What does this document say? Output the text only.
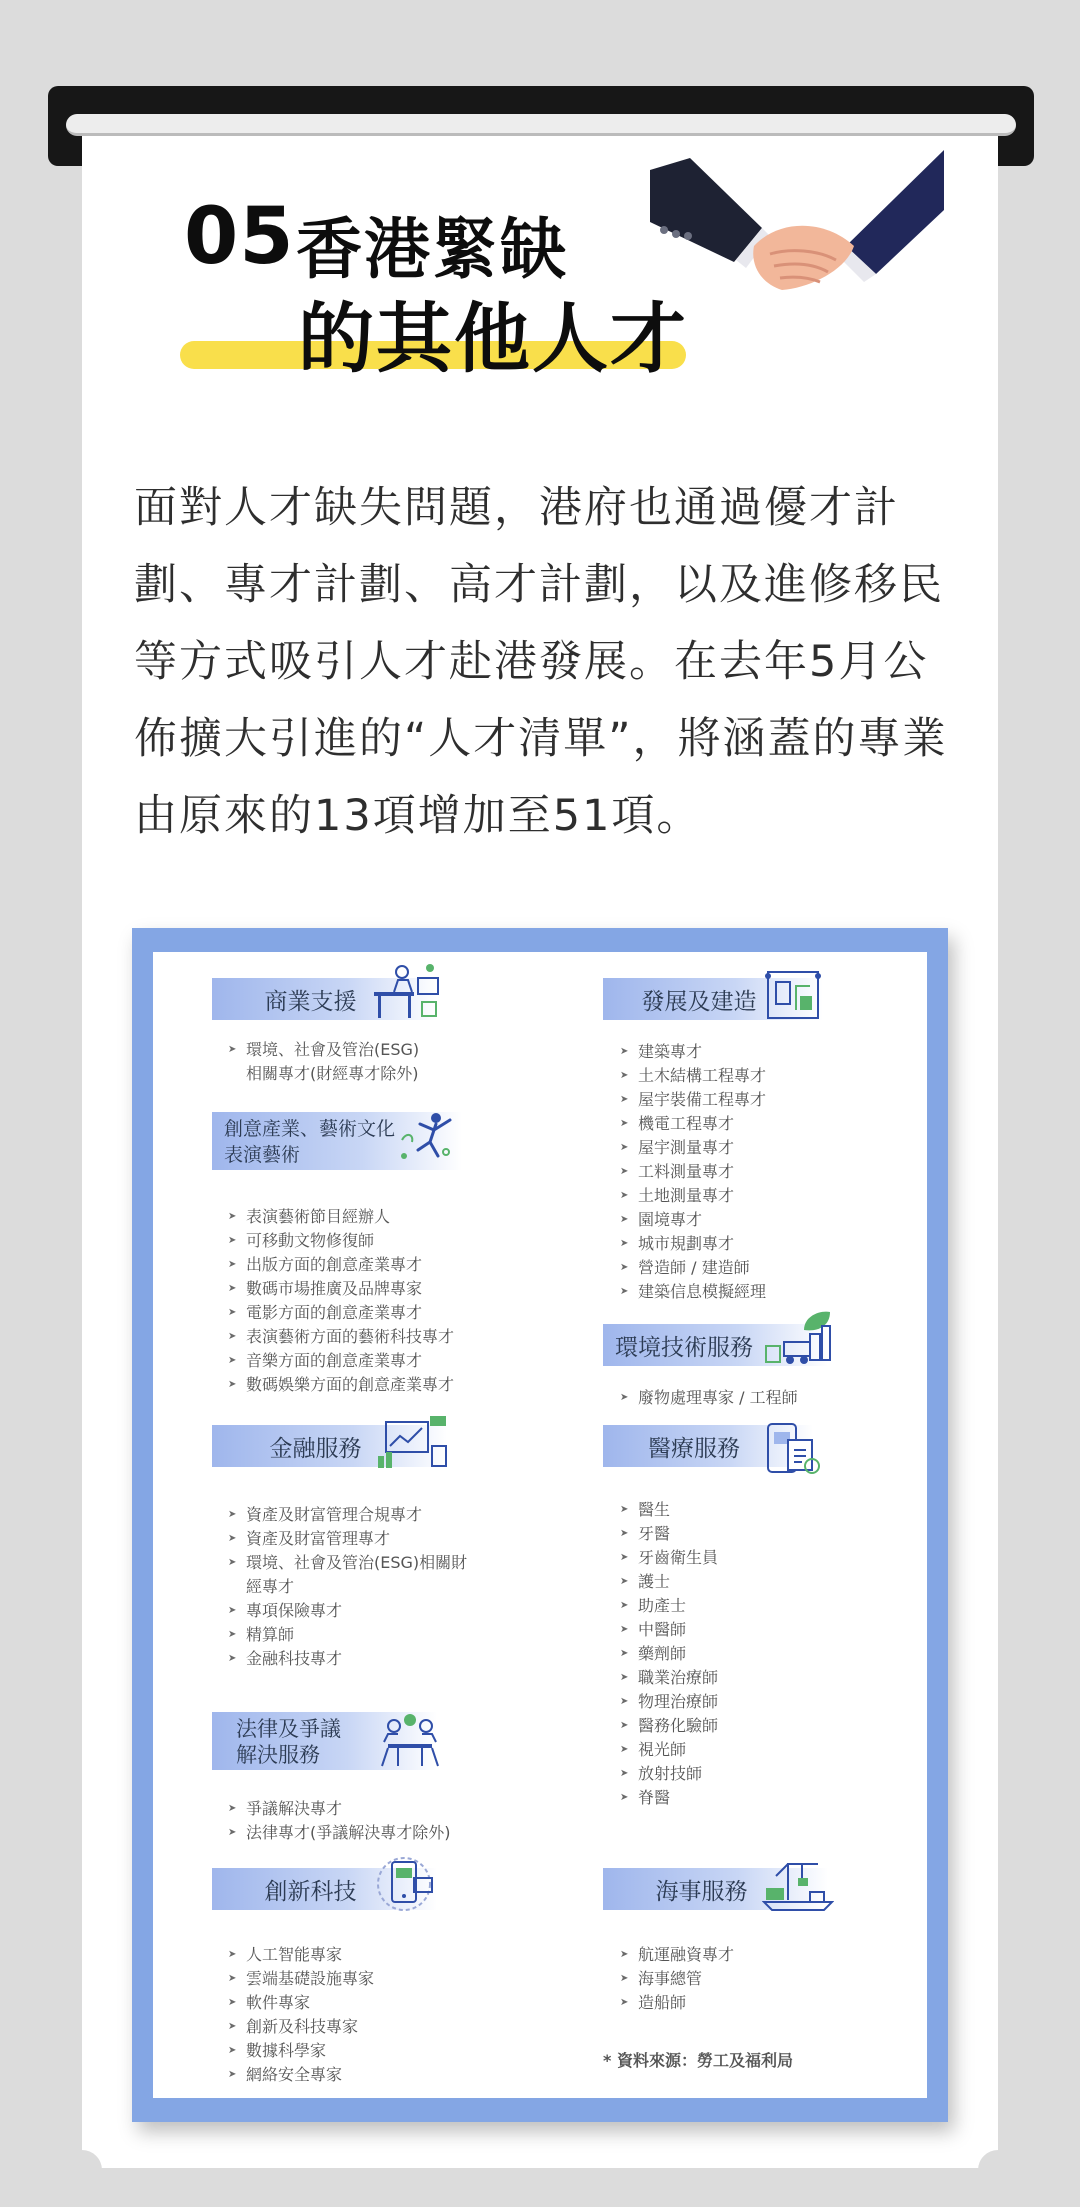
05 香港緊缺
的其他人才
面對人才缺失問題，港府也通過優才計劃、專才計劃、高才計劃，以及進修移民等方式吸引人才赴港發展。在去年5月公佈擴大引進的“人才清單”，將涵蓋的專業由原來的13項增加至51項。
商業支援
➤ 環境、社會及管治(ESG)
相關專才(財經專才除外)
創意產業、藝術文化
表演藝術
➤ 表演藝術節目經辦人
➤ 可移動文物修復師
➤ 出版方面的創意產業專才
➤ 數碼市場推廣及品牌專家
➤ 電影方面的創意產業專才
➤ 表演藝術方面的藝術科技專才
➤ 音樂方面的創意產業專才
➤ 數碼娛樂方面的創意產業專才
金融服務
➤ 資產及財富管理合規專才
➤ 資產及財富管理專才
➤ 環境、社會及管治(ESG)相關財
經專才
➤ 專項保險專才
➤ 精算師
➤ 金融科技專才
法律及爭議
解決服務
➤ 爭議解決專才
➤ 法律專才(爭議解決專才除外)
創新科技
➤ 人工智能專家
➤ 雲端基礎設施專家
➤ 軟件專家
➤ 創新及科技專家
➤ 數據科學家
➤ 網絡安全專家
發展及建造
➤ 建築專才
➤ 土木結構工程專才
➤ 屋宇裝備工程專才
➤ 機電工程專才
➤ 屋宇測量專才
➤ 工料測量專才
➤ 土地測量專才
➤ 園境專才
➤ 城市規劃專才
➤ 營造師 / 建造師
➤ 建築信息模擬經理
環境技術服務
➤ 廢物處理專家 / 工程師
醫療服務
➤ 醫生
➤ 牙醫
➤ 牙齒衛生員
➤ 護士
➤ 助產士
➤ 中醫師
➤ 藥劑師
➤ 職業治療師
➤ 物理治療師
➤ 醫務化驗師
➤ 視光師
➤ 放射技師
➤ 脊醫
海事服務
➤ 航運融資專才
➤ 海事總管
➤ 造船師
* 資料來源：勞工及福利局
